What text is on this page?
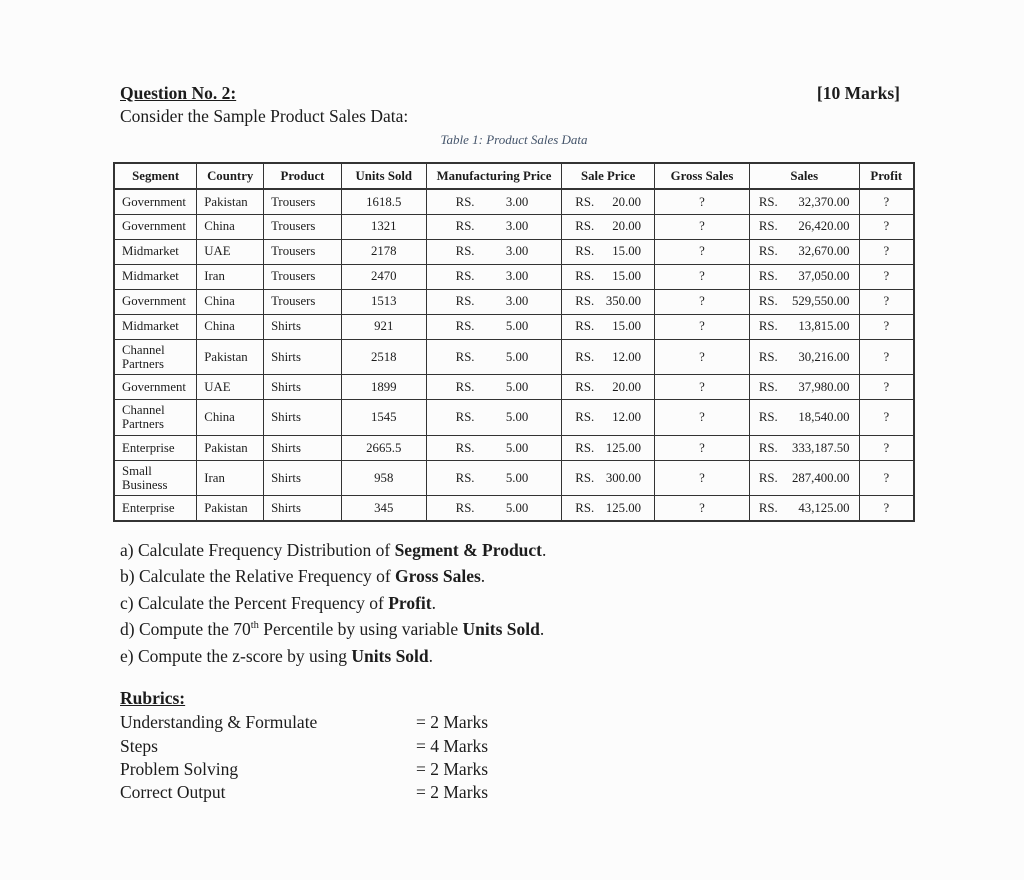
Question No. 2:	[10 Marks]

Consider the Sample Product Sales Data:

Table 1: Product Sales Data
Segment	Country	Product	Units Sold	Manufacturing Price	Sale Price	Gross Sales	Sales	Profit
Government	Pakistan	Trousers	1618.5	RS. 3.00	RS. 20.00	?	RS. 32,370.00	?
Government	China	Trousers	1321	RS. 3.00	RS. 20.00	?	RS. 26,420.00	?
Midmarket	UAE	Trousers	2178	RS. 3.00	RS. 15.00	?	RS. 32,670.00	?
Midmarket	Iran	Trousers	2470	RS. 3.00	RS. 15.00	?	RS. 37,050.00	?
Government	China	Trousers	1513	RS. 3.00	RS. 350.00	?	RS. 529,550.00	?
Midmarket	China	Shirts	921	RS. 5.00	RS. 15.00	?	RS. 13,815.00	?
Channel Partners	Pakistan	Shirts	2518	RS. 5.00	RS. 12.00	?	RS. 30,216.00	?
Government	UAE	Shirts	1899	RS. 5.00	RS. 20.00	?	RS. 37,980.00	?
Channel Partners	China	Shirts	1545	RS. 5.00	RS. 12.00	?	RS. 18,540.00	?
Enterprise	Pakistan	Shirts	2665.5	RS. 5.00	RS. 125.00	?	RS. 333,187.50	?
Small Business	Iran	Shirts	958	RS. 5.00	RS. 300.00	?	RS. 287,400.00	?
Enterprise	Pakistan	Shirts	345	RS. 5.00	RS. 125.00	?	RS. 43,125.00	?

a) Calculate Frequency Distribution of Segment & Product.

b) Calculate the Relative Frequency of Gross Sales.

c) Calculate the Percent Frequency of Profit.

d) Compute the 70th Percentile by using variable Units Sold.

e) Compute the z-score by using Units Sold.

Rubrics:

Understanding & Formulate	= 2 Marks
Steps	= 4 Marks
Problem Solving	= 2 Marks
Correct Output	= 2 Marks
